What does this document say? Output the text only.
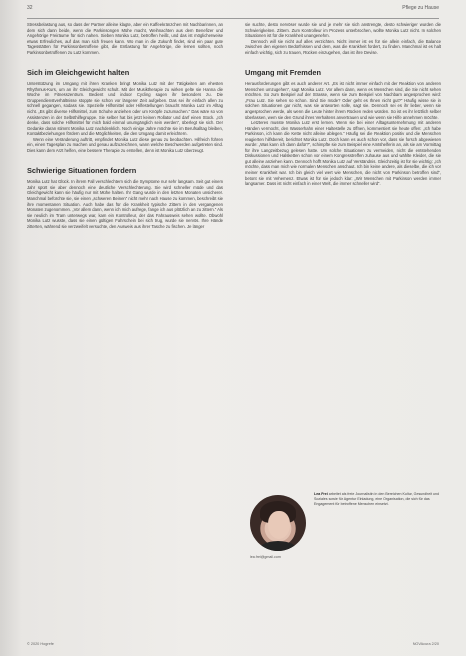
32	Pflege zu Hause

Stressbelastung aus, so dass der Partner alleine klagte, aber ein Kaffeekränzchen mit Nachbarinnen, an dem sich dann beide, wenn die Parkinsongen Mühe macht, Weihnachten aus dem Benefizer und Angehörige Freiräume für sich nahen. Sieben Monika Lutz, betroffen heißt, und das ist möglicherweise etwas Erfreuliches, auf das man sich freuen kann. Wo man in die Zukunft findet, sind ein paar gute Tagesstätten für Parkinsonbetroffene gibt, die Entlastung für Angehörige, die lernen sollten, noch Parkinsonbetroffenen zu Lutz kommen.

Sich im Gleichgewicht halten

Unterstützung im Umgang mit ihren Kranken bringt Monika Lutz mit der Tätigkeiten am ehesten Rhythmus-Kurs, um an ihr Gleichgewicht schult. Mit der Musiktherapie zu wirken gelte sie Hanna die Woche im Fitnesszentrum. Bedient und indoor Cycling sagen ihr besonders zu. Die Gruppendienstverhältnisse stoppte sie schon vor längerer Zeit aufgeben. Das sei ihr einfach allen zu schnell gegangen, sodass sie. Spezielle Hilfsmittel oder Hilfestellungen braucht Monika Lutz im Alltag nicht. „Es gibt diverse Hilfsmittel, zum Schuhe anziehen oder um Knöpfe zuzumachen.“ Das wäre so von Assistenzen in der Selbsthilfegruppe. Sie selber hat bis jetzt keinen Rollator und darf einen Stock. „Ich denke, dass solche Hilfsmittel für mich bald einmal unumgänglich sein werden“, überlegt sie sich. Der Gedanke daran stimmt Monika Lutz nachdenklich. Noch einige Jahre möchte sie im Berufsalltag bleiben, Kontaktbeziehungen fördern und die Möglichkeiten, die den Umgang damit erleichtern.

Wenn eine Veränderung auftritt, empfindet Monika Lutz diese genau zu beobachten. Hilfreich führen ein, einen Tagesplan zu machen und genau aufzuzeichnen, wann welche Beschwerden aufgetreten sind. Dies kann dem Arzt helfen, eine bessere Therapie zu erstellen, denn ist Monika Lutz überzeugt.

Schwierige Situationen fordern

Monika Lutz hat Glück. In ihrem Fall verschlechtern sich die Symptome nur sehr langsam. Seit gut einem Jahr spürt sie aber dennoch eine deutliche Verschlechterung. Sie wird schneller müde und das Gleichgewicht kann sie häufig nur mit Mühe halten. Ihr Gang wurde in den letzten Monaten unsicherer. Manchmal befürchte sie, sie einen „schweren Beinen“ nicht mehr nach Hause zu kommen, beschreibt sie ihre momentanen Situation. Auch habe das für die Krankheit typische Zittern in den vergangenen Monaten zugenommen. „Vor allem dann, wenn ich mich aufrege, fange ich aus plötzlich an zu zittern.“ Als sie neulich im Tram unterwegs war, kam ein Kontrolleur, der das Fahrausweis sehen wollte. Obwohl Monika Lutz wusste, dass sie einen gültigen Fahrschein bei sich trug, wurde sie nervös. Ihre Hände zitterten, während sie verzweifelt versuchte, den Ausweis aus ihrer Tasche zu fischen. Je länger

sie suchte, desto nervöser wurde sie und je mehr sie sich anstrengte, desto schwieriger wurden die Schwierigkeiten. Zittern. Zum Kontrolleur im Prozess unterbrochen, wollte Monika Lutz nicht. In solchen Situationen ist für die Krankheit unangenehm.

Dennoch will sie nicht auf alles verzichten. Nicht immer ist es für sie allein einfach, die Balance zwischen den eigenen Bedürfnissen und dem, was die Krankheit fordert, zu finden. Manchmal ist es halt einfach wichtig, sich zu trauen, Rücken einzugehen, das ist ihre Devise.

Umgang mit Fremden

Herausforderungen gibt es auch anderer Art. „Es ist nicht immer einfach mit der Reaktion von anderen Menschen umzugehen“, sagt Monika Lutz. Vor allem dann, wenn es Menschen sind, die Sie nicht sehen möchten. So zum Beispiel auf der Strasse, wenn sie zum Beispiel von Nachbarn angesprochen wird: „Frau Lutz. Sie sehen so schon. Sind Sie müde? Oder geht es Ihnen nicht gut?“ Häufig wisse sie in solchen Situationen gar nicht, was sie antworten solle, sagt sie. Dennoch sei es ihr lieber, wenn sie angesprochen werde, als wenn die Leute hinter ihrem Rücken reden würden. So ist es ihr letztlich selber überlassen, wem sie den Grund ihres Verhaltens anvertrauen und wie wenn sie Hilfe annehmen möchte.

Letzteres musste Monika Lutz erst lernen. Wenn sie bei einer Alltagsunternehmung mit anderen Händen vermocht, den Wasserhahn einer Haltestelle zu öffnen, kommentiert sie heute offen: „Ich habe Parkinson, ich kann die Kette nicht alleine ablegen.“ Häufig sei die Reaktion positiv und die Menschen reagierten hilfsbereit, berichtet Monika Lutz. Doch kann es auch schon vor, dass sie forsch abgewiesen wurde: „Was kann ich dann dafür?“, schimpfte sie zum Beispiel eine Amtshelferin an, als sie am Vormittag für ihre Langzeitbezug gelesen hatte. Um solche Situationen zu vermeiden, nicht die entstehenden Diskussionen und Halsketten schon vor einem Kongresstreffen zuhause aus und wählte Kleider, die sie gut alleine anziehen kann. Dennoch hofft Monika Lutz auf Verständnis. Gleichzeitig ist für sie wichtig: „Ich möchte, dass man mich wie normalen Menschen anschaut. Ich bin keine andere, als dieselbe, die ich vor meiner Krankheit war. Ich bin gleich viel wert wie Menschen, die nicht von Parkinson betroffen sind“, betont sie mit Vehemenz. Etwas ist für sie jedoch klar: „Wir Menschen mit Parkinson werden immer langsamer. Dass ist nicht einfach in einer Welt, die immer schneller wird“.

Lea Frei arbeitet als freie Journalistin in den Bereichen Kultur, Gesundheit und Soziales sowie für Agentur Einladung, eine Organisation, die sich für das Engagement für betroffene Menschen einsetzt.
lea.frei@gmail.com
© 2020 Hogrefe	NOVAcura 2/20
